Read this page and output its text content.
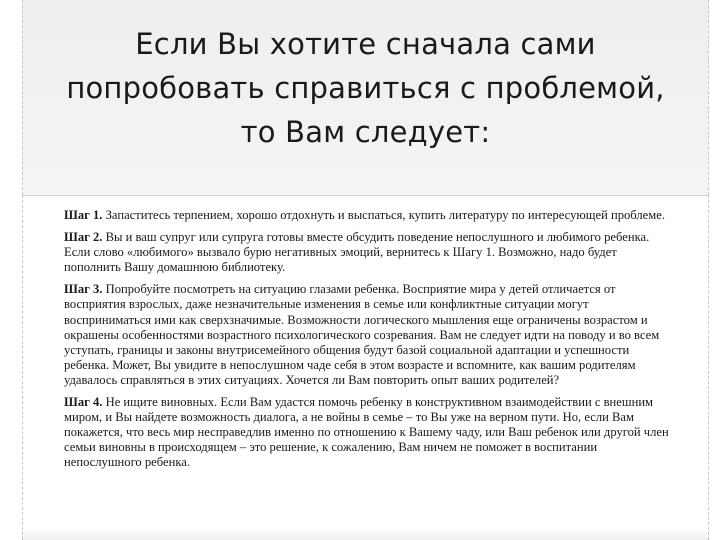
Если Вы хотите сначала сами
попробовать справиться с проблемой,
то Вам следует:

Шаг 1. Запаститесь терпением, хорошо отдохнуть и выспаться, купить литературу по интересующей проблеме.

Шаг 2. Вы и ваш супруг или супруга готовы вместе обсудить поведение непослушного и любимого ребенка. Если слово «любимого» вызвало бурю негативных эмоций, вернитесь к Шагу 1. Возможно, надо будет пополнить Вашу домашнюю библиотеку.

Шаг 3. Попробуйте посмотреть на ситуацию глазами ребенка. Восприятие мира у детей отличается от восприятия взрослых, даже незначительные изменения в семье или конфликтные ситуации могут восприниматься ими как сверхзначимые. Возможности логического мышления еще ограничены возрастом и окрашены особенностями возрастного психологического созревания. Вам не следует идти на поводу и во всем уступать, границы и законы внутрисемейного общения будут базой социальной адаптации и успешности ребенка. Может, Вы увидите в непослушном чаде себя в этом возрасте и вспомните, как вашим родителям удавалось справляться в этих ситуациях. Хочется ли Вам повторить опыт ваших родителей?

Шаг 4. Не ищите виновных. Если Вам удастся помочь ребенку в конструктивном взаимодействии с внешним миром, и Вы найдете возможность диалога, а не войны в семье – то Вы уже на верном пути. Но, если Вам покажется, что весь мир несправедлив именно по отношению к Вашему чаду, или Ваш ребенок или другой член семьи виновны в происходящем – это решение, к сожалению, Вам ничем не поможет в воспитании непослушного ребенка.
